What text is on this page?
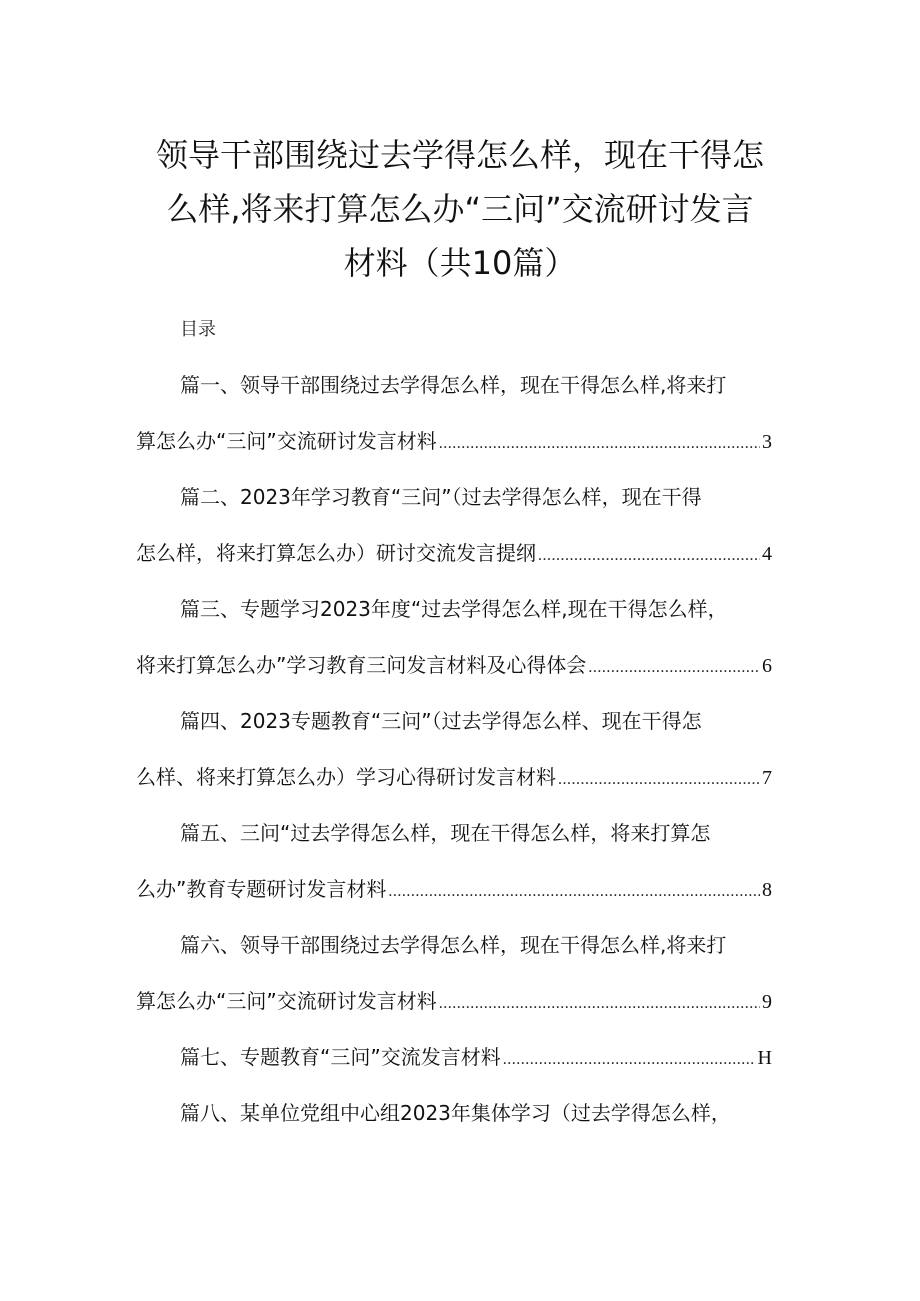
领导干部围绕过去学得怎么样，现在干得怎
么样,将来打算怎么办“三问”交流研讨发言
材料（共10篇）
目录
篇一、领导干部围绕过去学得怎么样，现在干得怎么样,将来打
算怎么办“三问”交流研讨发言材料 .....	3
篇二、2023年学习教育“三问”（过去学得怎么样，现在干得
怎么样，将来打算怎么办）研讨交流发言提纲 .....	4
篇三、专题学习2023年度“过去学得怎么样,现在干得怎么样，
将来打算怎么办”学习教育三问发言材料及心得体会 .....	6
篇四、2023专题教育“三问”（过去学得怎么样、现在干得怎
么样、将来打算怎么办）学习心得研讨发言材料 .....	7
篇五、三问“过去学得怎么样，现在干得怎么样，将来打算怎
么办”教育专题研讨发言材料 .....	8
篇六、领导干部围绕过去学得怎么样，现在干得怎么样,将来打
算怎么办“三问”交流研讨发言材料 .....	9
篇七、专题教育“三问”交流发言材料 .....	H
篇八、某单位党组中心组2023年集体学习（过去学得怎么样，
